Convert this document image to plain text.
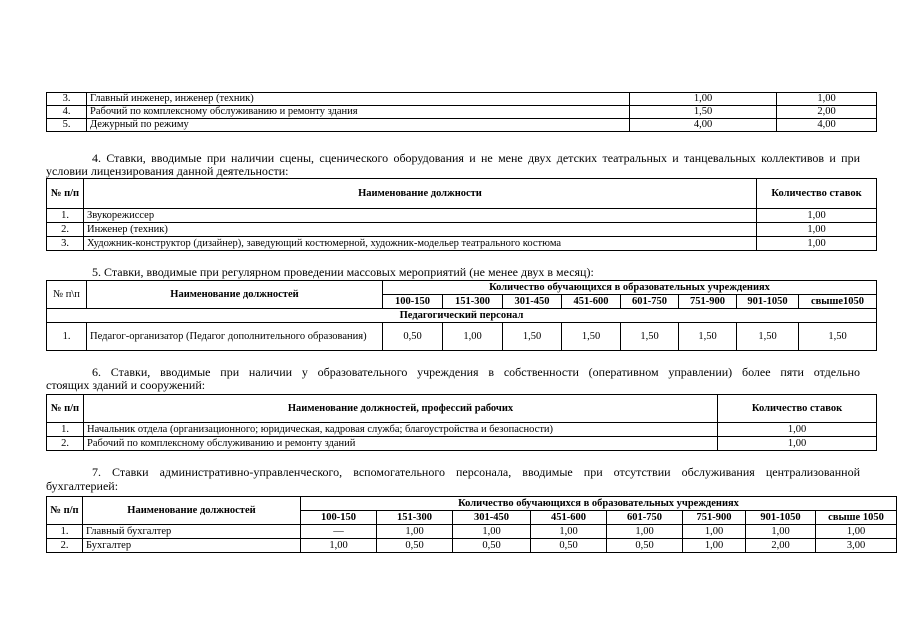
3.	Главный инженер, инженер (техник)	1,00	1,00
4.	Рабочий по комплексному обслуживанию и ремонту здания	1,50	2,00
5.	Дежурный по режиму	4,00	4,00
4. Ставки, вводимые при наличии сцены, сценического оборудования и не мене двух детских театральных и танцевальных коллективов и при условии лицензирования данной деятельности:
№ п/п	Наименование должности	Количество ставок
1.	Звукорежиссер	1,00
2.	Инженер (техник)	1,00
3.	Художник-конструктор (дизайнер), заведующий костюмерной, художник-модельер театрального костюма	1,00
5. Ставки, вводимые при регулярном проведении массовых мероприятий (не менее двух в месяц):
№ п\п	Наименование должностей	Количество обучающихся в образовательных учреждениях							
		100-150	151-300	301-450	451-600	601-750	751-900	901-1050	свыше1050
Педагогический персонал									
1.	Педагог-организатор (Педагог дополнительного образования)	0,50	1,00	1,50	1,50	1,50	1,50	1,50	1,50
6. Ставки, вводимые при наличии у образовательного учреждения в собственности (оперативном управлении) более пяти отдельно
стоящих зданий и сооружений:
№ п/п	Наименование должностей, профессий рабочих	Количество ставок
1.	Начальник отдела (организационного; юридическая, кадровая служба; благоустройства и безопасности)	1,00
2.	Рабочий по комплексному обслуживанию и ремонту зданий	1,00
7. Ставки административно-управленческого, вспомогательного персонала, вводимые при отсутствии обслуживания централизованной
бухгалтерией:
№ п/п	Наименование должностей	Количество обучающихся в образовательных учреждениях							
		100-150	151-300	301-450	451-600	601-750	751-900	901-1050	свыше 1050
1.	Главный бухгалтер	—	1,00	1,00	1,00	1,00	1,00	1,00	1,00
2.	Бухгалтер	1,00	0,50	0,50	0,50	0,50	1,00	2,00	3,00
